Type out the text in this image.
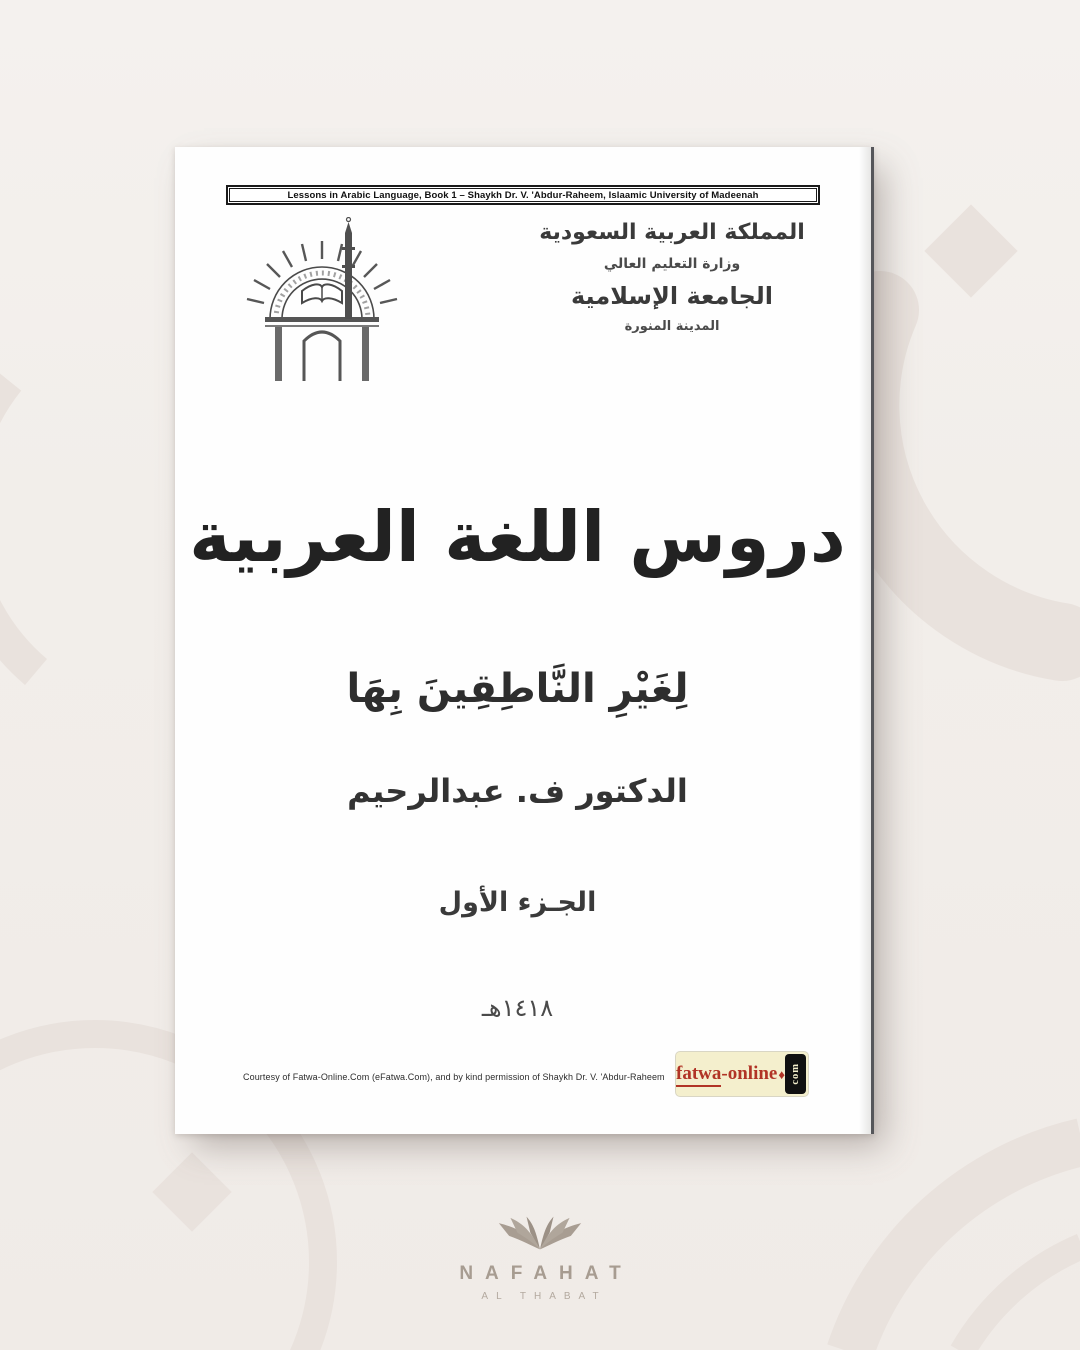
Lessons in Arabic Language, Book 1 – Shaykh Dr. V. 'Abdur-Raheem, Islaamic University of Madeenah
المملكة العربية السعودية
وزارة التعليم العالي
الجامعة الإسلامية
المدينة المنورة
دروس اللغة العربية
لِغَيْرِ النَّاطِقِينَ بِهَا
الدكتور ف. عبدالرحيم
الجـزء الأول
١٤١٨هـ
Courtesy of Fatwa-Online.Com (eFatwa.Com), and by kind permission of Shaykh Dr. V. 'Abdur-Raheem fatwa-online♦ com
NAFAHAT
AL THABAT
